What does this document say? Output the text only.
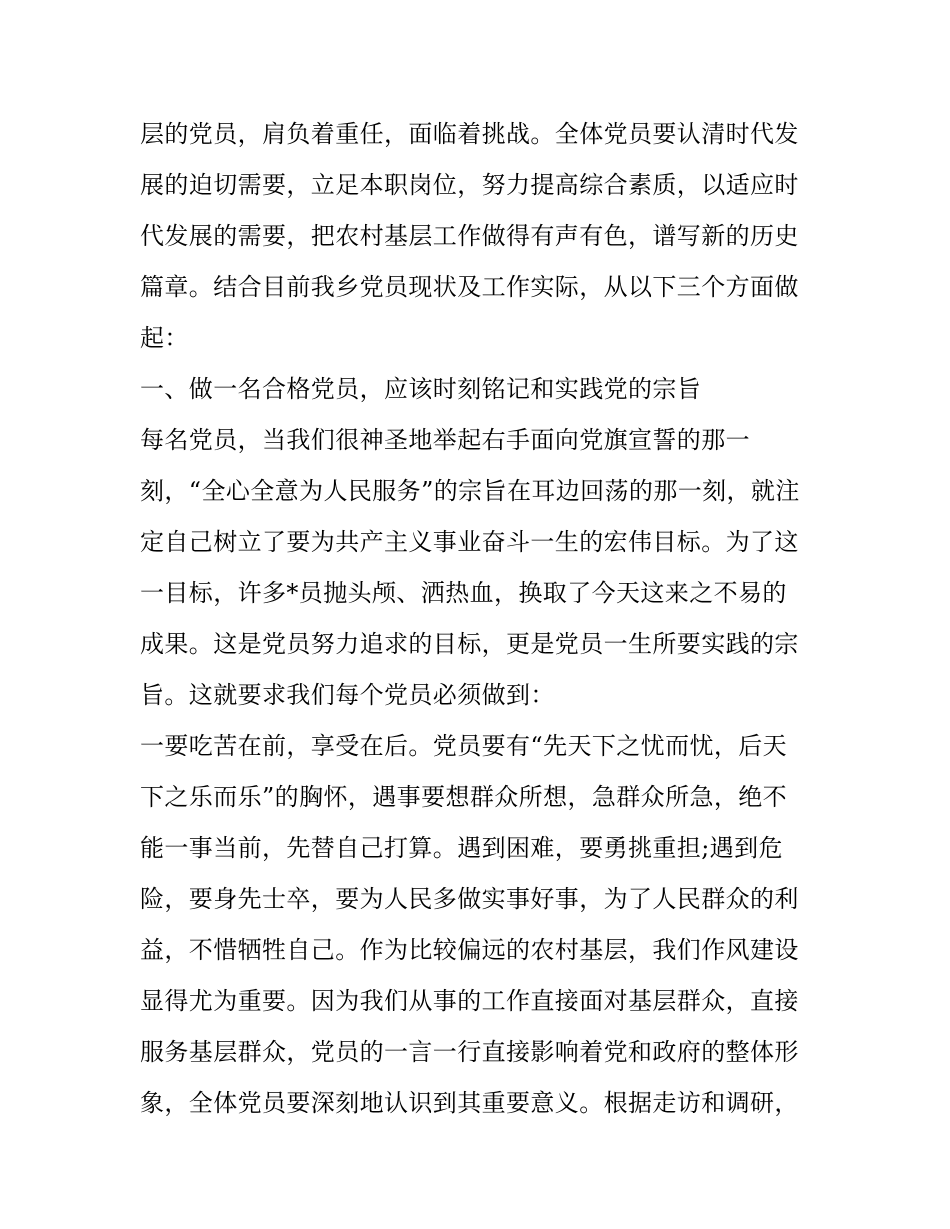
层的党员，肩负着重任，面临着挑战。全体党员要认清时代发
展的迫切需要，立足本职岗位，努力提高综合素质，以适应时
代发展的需要，把农村基层工作做得有声有色，谱写新的历史
篇章。结合目前我乡党员现状及工作实际，从以下三个方面做
起：
一、做一名合格党员，应该时刻铭记和实践党的宗旨
每名党员，当我们很神圣地举起右手面向党旗宣誓的那一
刻，“全心全意为人民服务”的宗旨在耳边回荡的那一刻，就注
定自己树立了要为共产主义事业奋斗一生的宏伟目标。为了这
一目标，许多*员抛头颅、洒热血，换取了今天这来之不易的
成果。这是党员努力追求的目标，更是党员一生所要实践的宗
旨。这就要求我们每个党员必须做到：
一要吃苦在前，享受在后。党员要有“先天下之忧而忧，后天
下之乐而乐”的胸怀，遇事要想群众所想，急群众所急，绝不
能一事当前，先替自己打算。遇到困难，要勇挑重担;遇到危
险，要身先士卒，要为人民多做实事好事，为了人民群众的利
益，不惜牺牲自己。作为比较偏远的农村基层，我们作风建设
显得尤为重要。因为我们从事的工作直接面对基层群众，直接
服务基层群众，党员的一言一行直接影响着党和政府的整体形
象，全体党员要深刻地认识到其重要意义。根据走访和调研，
